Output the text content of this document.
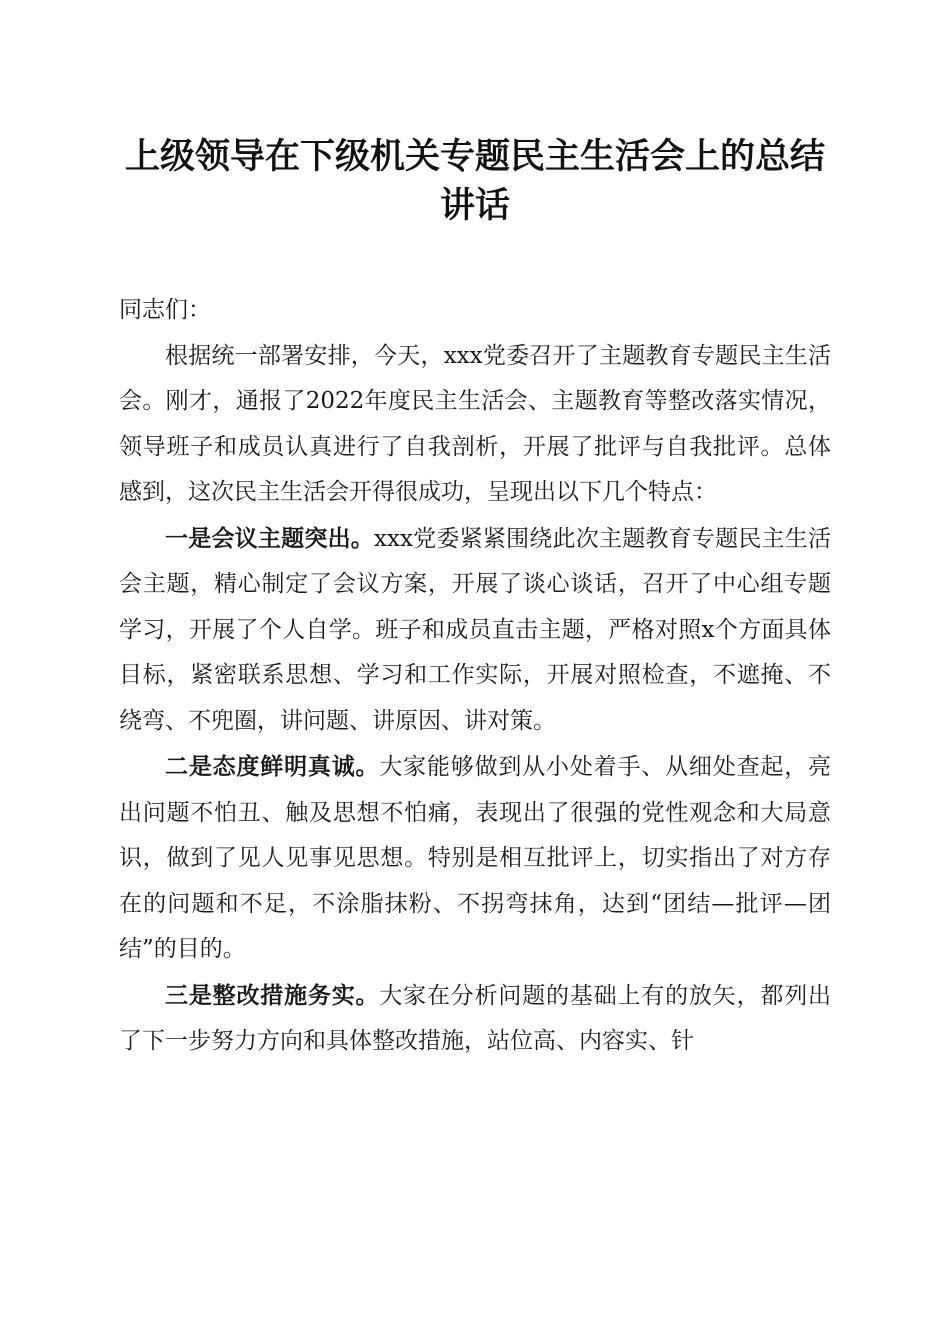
上级领导在下级机关专题民主生活会上的总结
讲话

同志们：

根据统一部署安排，今天，xxx党委召开了主题教育专题民主生活会。刚才，通报了2022年度民主生活会、主题教育等整改落实情况，领导班子和成员认真进行了自我剖析，开展了批评与自我批评。总体感到，这次民主生活会开得很成功，呈现出以下几个特点：

一是会议主题突出。xxx党委紧紧围绕此次主题教育专题民主生活会主题，精心制定了会议方案，开展了谈心谈话，召开了中心组专题学习，开展了个人自学。班子和成员直击主题，严格对照x个方面具体目标，紧密联系思想、学习和工作实际，开展对照检查，不遮掩、不绕弯、不兜圈，讲问题、讲原因、讲对策。

二是态度鲜明真诚。大家能够做到从小处着手、从细处查起，亮出问题不怕丑、触及思想不怕痛，表现出了很强的党性观念和大局意识，做到了见人见事见思想。特别是相互批评上，切实指出了对方存在的问题和不足，不涂脂抹粉、不拐弯抹角，达到“团结—批评—团结”的目的。

三是整改措施务实。大家在分析问题的基础上有的放矢，都列出了下一步努力方向和具体整改措施，站位高、内容实、针
